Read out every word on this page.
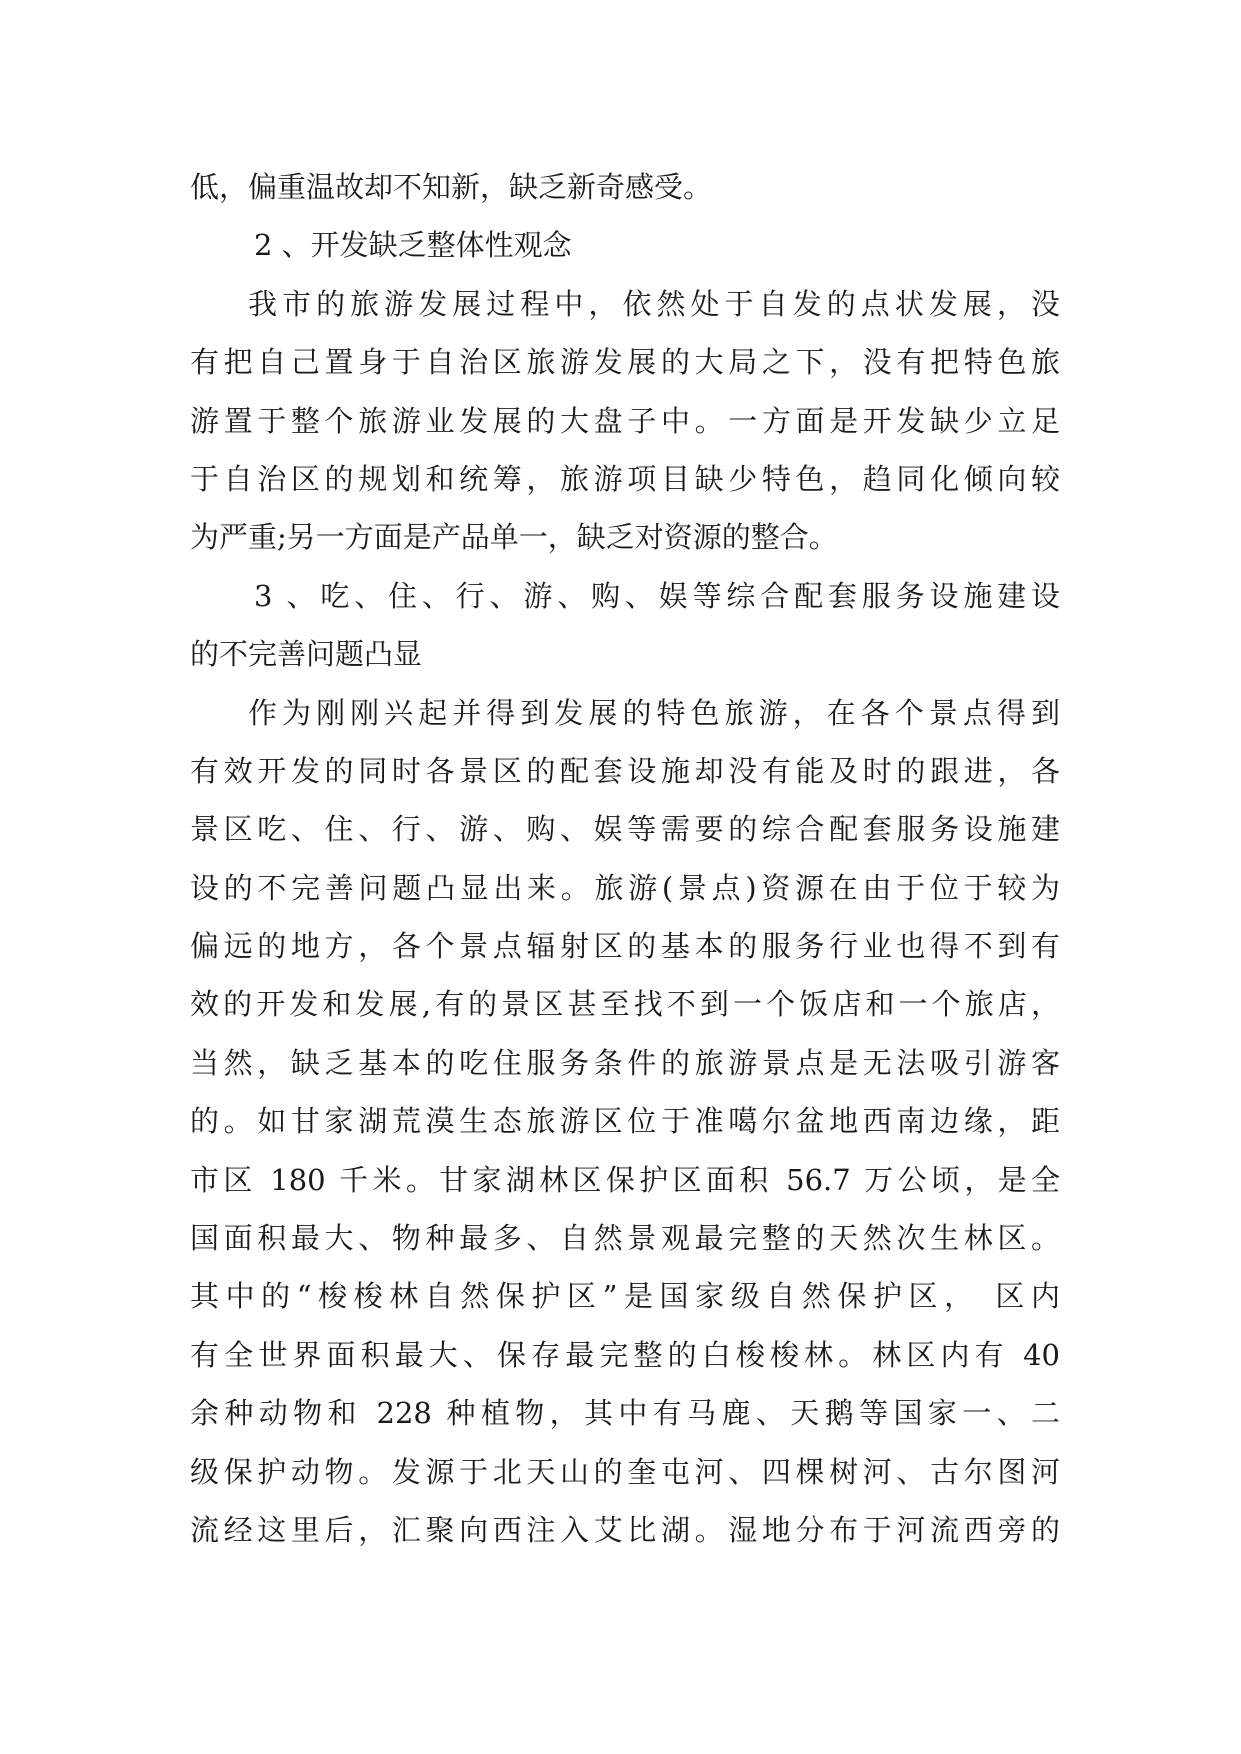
低，偏重温故却不知新，缺乏新奇感受。
2 、开发缺乏整体性观念
我市的旅游发展过程中，依然处于自发的点状发展，没
有把自己置身于自治区旅游发展的大局之下，没有把特色旅
游置于整个旅游业发展的大盘子中。一方面是开发缺少立足
于自治区的规划和统筹，旅游项目缺少特色，趋同化倾向较
为严重;另一方面是产品单一，缺乏对资源的整合。
3 、吃、住、行、游、购、娱等综合配套服务设施建设
的不完善问题凸显
作为刚刚兴起并得到发展的特色旅游，在各个景点得到
有效开发的同时各景区的配套设施却没有能及时的跟进，各
景区吃、住、行、游、购、娱等需要的综合配套服务设施建
设的不完善问题凸显出来。旅游(景点)资源在由于位于较为
偏远的地方，各个景点辐射区的基本的服务行业也得不到有
效的开发和发展,有的景区甚至找不到一个饭店和一个旅店，
当然，缺乏基本的吃住服务条件的旅游景点是无法吸引游客
的。如甘家湖荒漠生态旅游区位于准噶尔盆地西南边缘，距
市区 180 千米。甘家湖林区保护区面积 56.7 万公顷，是全
国面积最大、物种最多、自然景观最完整的天然次生林区。
其中的“梭梭林自然保护区”是国家级自然保护区， 区内
有全世界面积最大、保存最完整的白梭梭林。林区内有 40
余种动物和 228 种植物，其中有马鹿、天鹅等国家一、二
级保护动物。发源于北天山的奎屯河、四棵树河、古尔图河
流经这里后，汇聚向西注入艾比湖。湿地分布于河流西旁的
